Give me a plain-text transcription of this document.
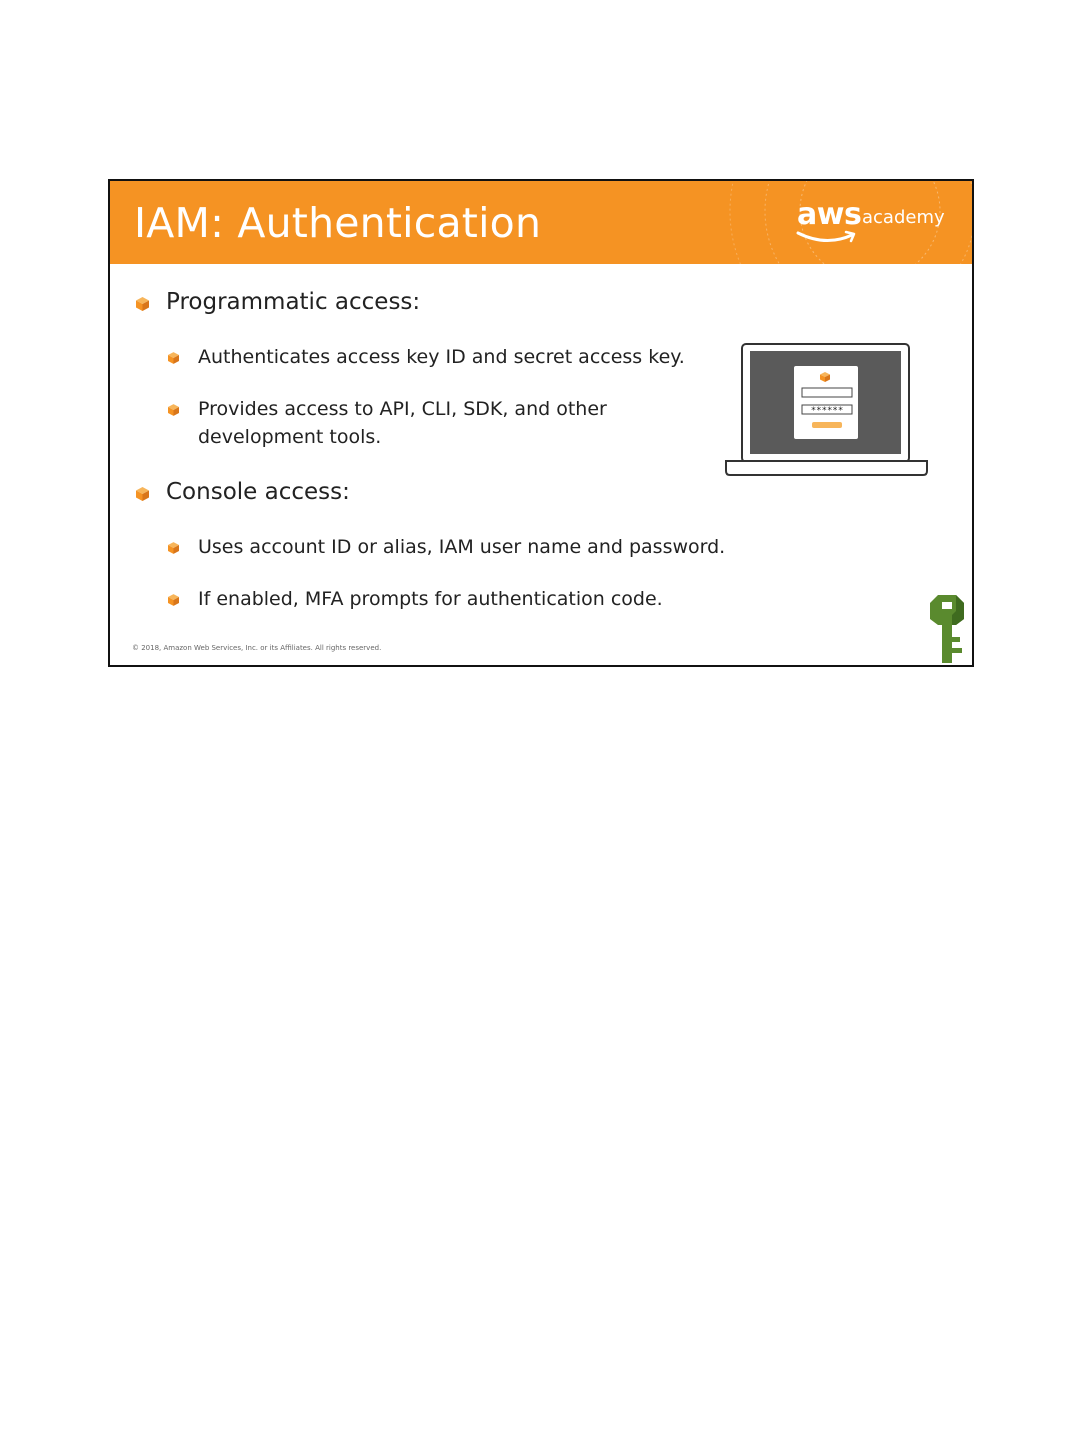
IAM: Authentication	aws academy
Programmatic access:
Authenticates access key ID and secret access key.
Provides access to API, CLI, SDK, and other
development tools.
Console access:
Uses account ID or alias, IAM user name and password.
If enabled, MFA prompts for authentication code.
******
© 2018, Amazon Web Services, Inc. or its Affiliates. All rights reserved.
